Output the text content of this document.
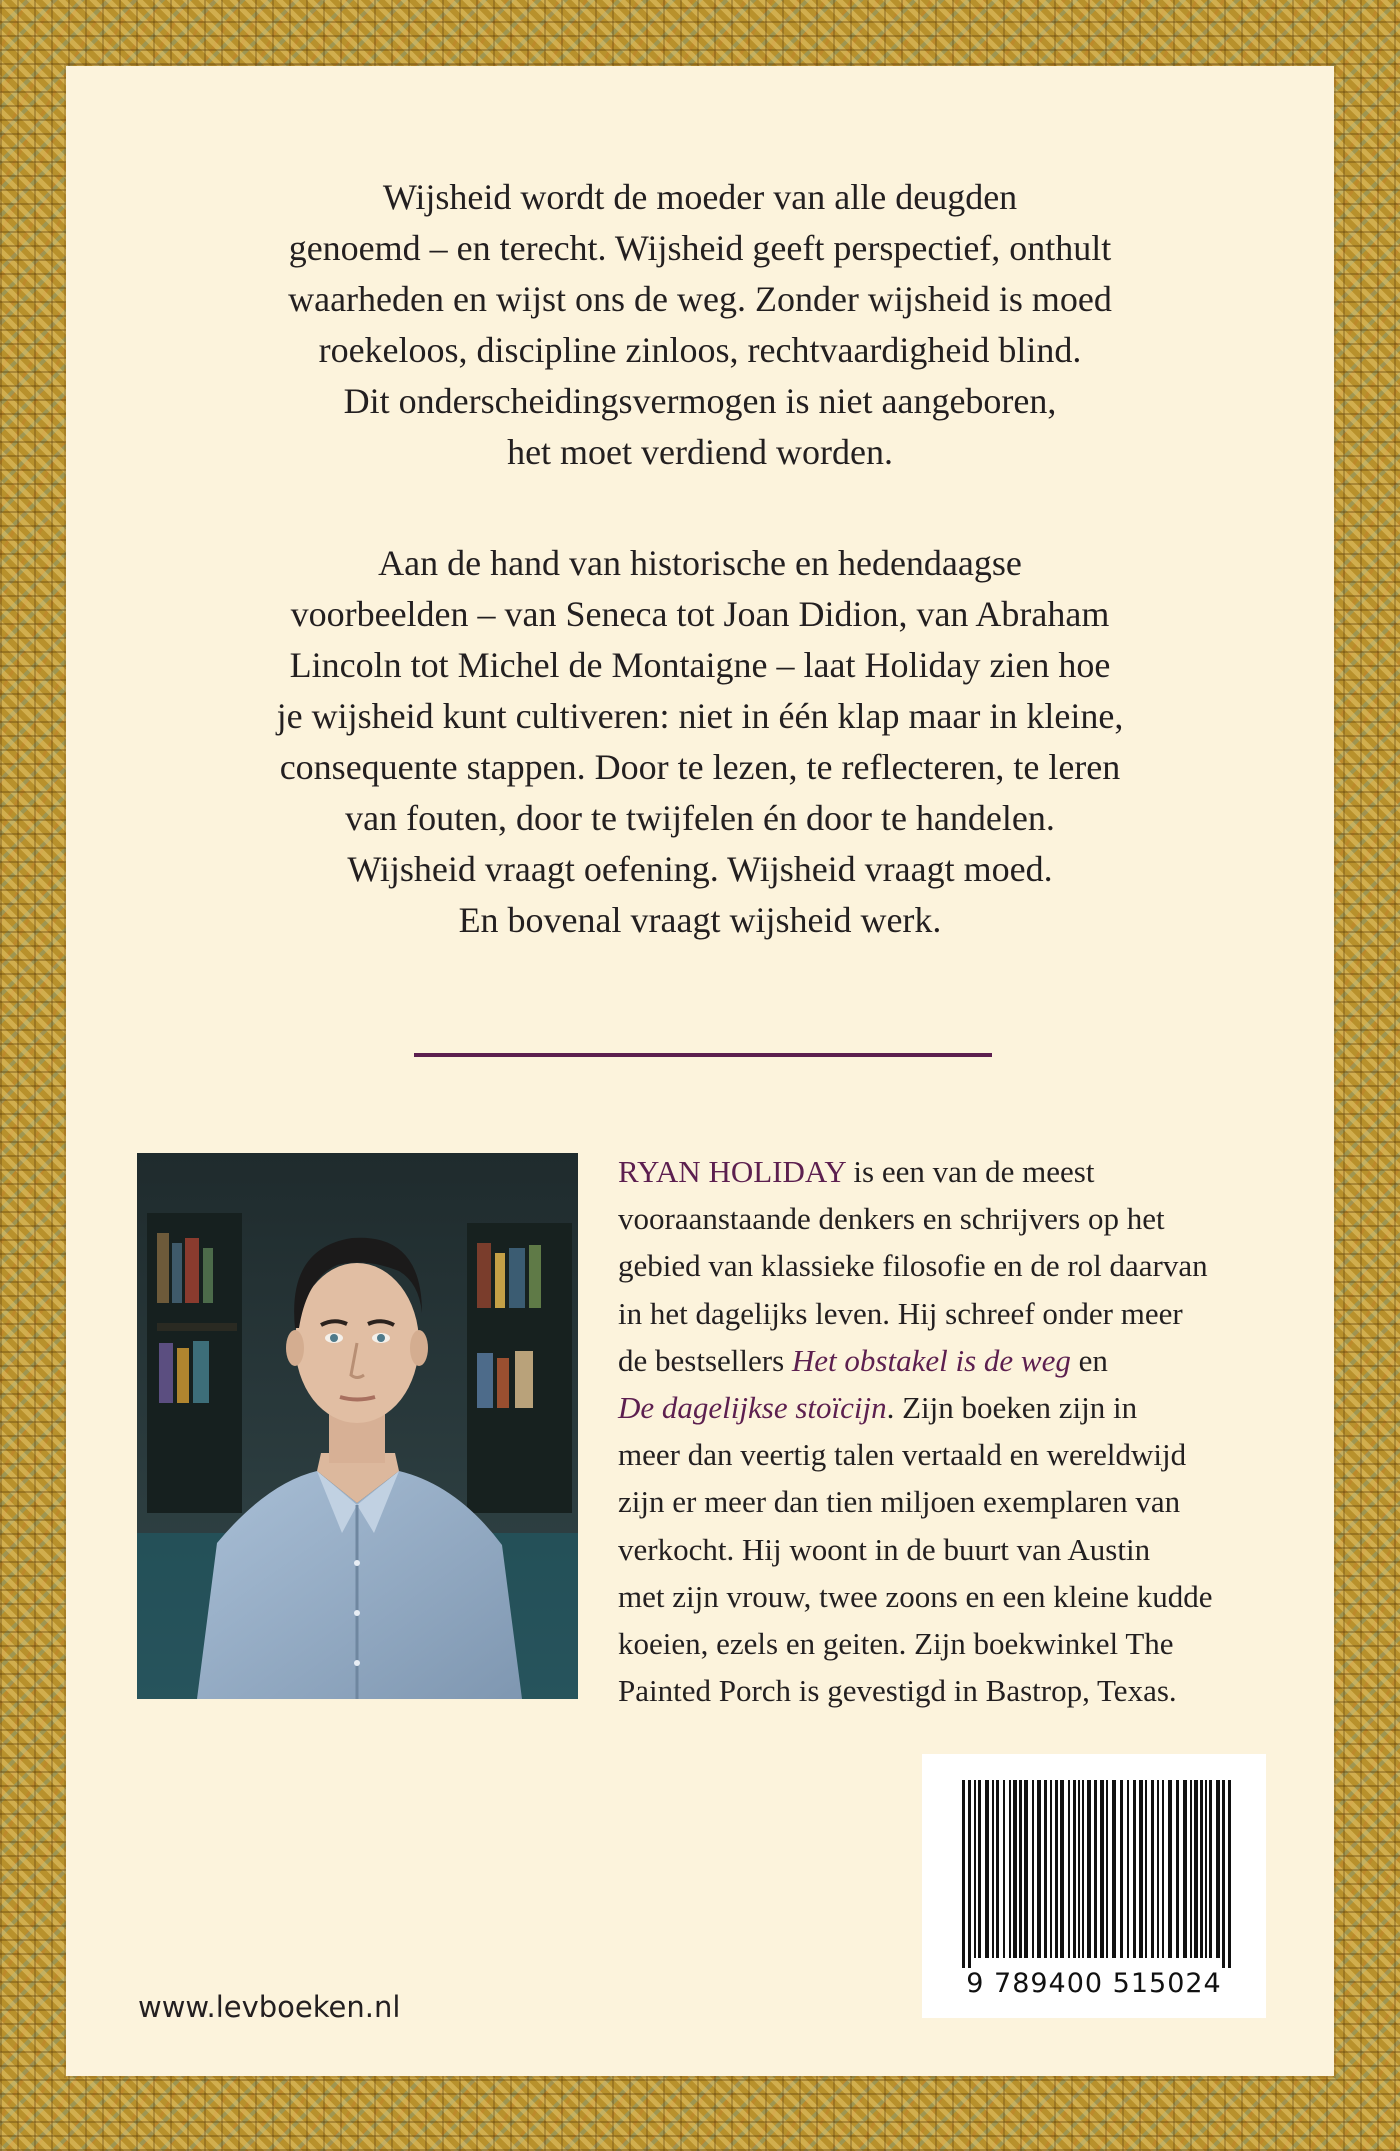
Wijsheid wordt de moeder van alle deugden
genoemd – en terecht. Wijsheid geeft perspectief, onthult
waarheden en wijst ons de weg. Zonder wijsheid is moed
roekeloos, discipline zinloos, rechtvaardigheid blind.
Dit onderscheidingsvermogen is niet aangeboren,
het moet verdiend worden.
Aan de hand van historische en hedendaagse
voorbeelden – van Seneca tot Joan Didion, van Abraham
Lincoln tot Michel de Montaigne – laat Holiday zien hoe
je wijsheid kunt cultiveren: niet in één klap maar in kleine,
consequente stappen. Door te lezen, te reflecteren, te leren
van fouten, door te twijfelen én door te handelen.
Wijsheid vraagt oefening. Wijsheid vraagt moed.
En bovenal vraagt wijsheid werk.
RYAN HOLIDAY is een van de meest
vooraanstaande denkers en schrijvers op het
gebied van klassieke filosofie en de rol daarvan
in het dagelijks leven. Hij schreef onder meer
de bestsellers Het obstakel is de weg en
De dagelijkse stoïcijn. Zijn boeken zijn in
meer dan veertig talen vertaald en wereldwijd
zijn er meer dan tien miljoen exemplaren van
verkocht. Hij woont in de buurt van Austin
met zijn vrouw, twee zoons en een kleine kudde
koeien, ezels en geiten. Zijn boekwinkel The
Painted Porch is gevestigd in Bastrop, Texas.
9 789400 515024
www.levboeken.nl
